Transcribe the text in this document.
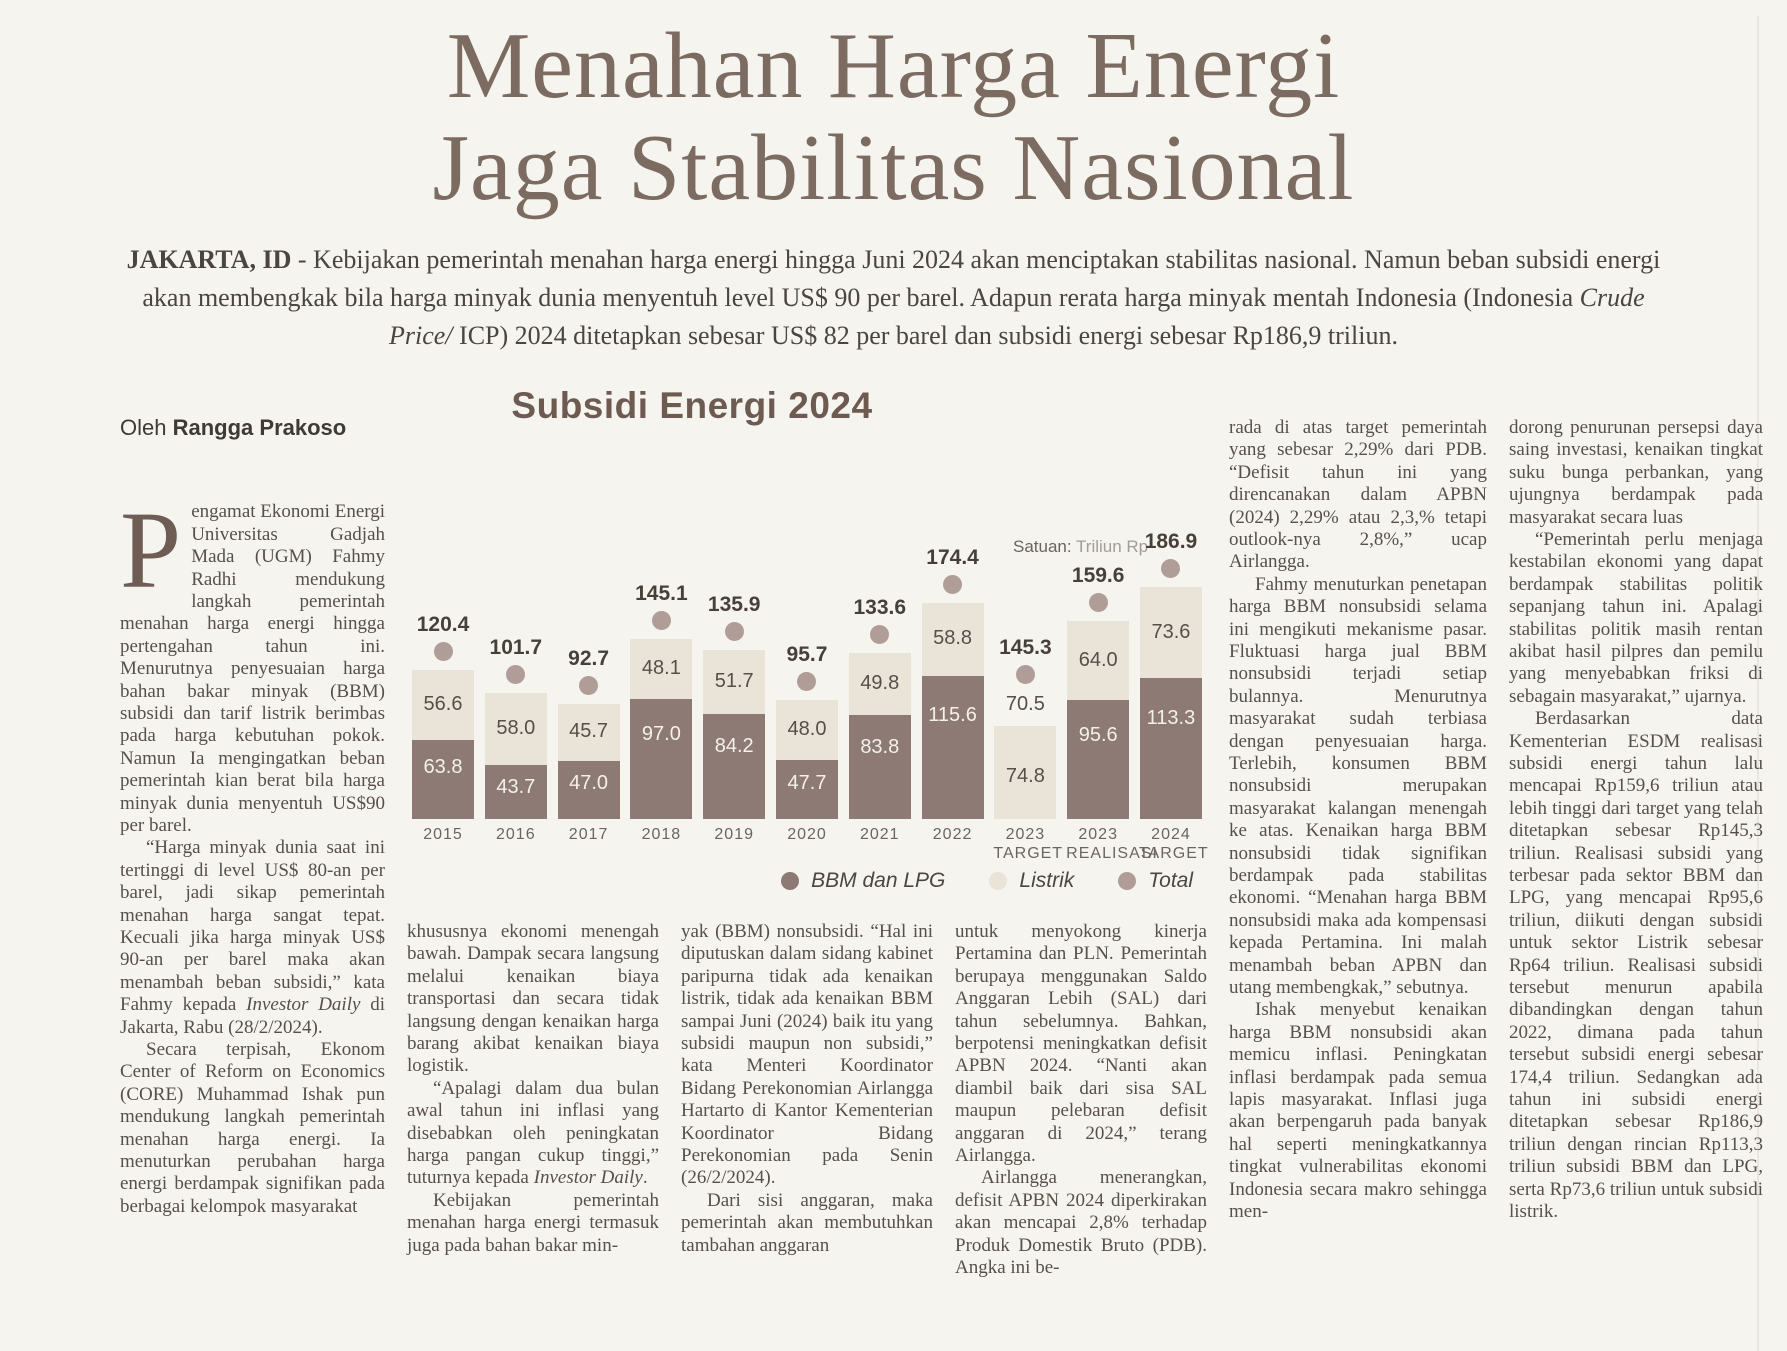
Menahan Harga Energi
Jaga Stabilitas Nasional

JAKARTA, ID - Kebijakan pemerintah menahan harga energi hingga Juni 2024 akan menciptakan stabilitas nasional. Namun beban subsidi energi akan membengkak bila harga minyak dunia menyentuh level US$ 90 per barel. Adapun rerata harga minyak mentah Indonesia (Indonesia Crude Price/ ICP) 2024 ditetapkan sebesar US$ 82 per barel dan subsidi energi sebesar Rp186,9 triliun.

Oleh Rangga Prakoso

Pengamat Ekonomi Energi Universitas Gadjah Mada (UGM) Fahmy Radhi mendukung langkah pemerintah menahan harga energi hingga pertengahan tahun ini. Menurutnya penyesuaian harga bahan bakar minyak (BBM) subsidi dan tarif listrik berimbas pada harga kebutuhan pokok. Namun Ia mengingatkan beban pemerintah kian berat bila harga minyak dunia menyentuh US$90 per barel.

“Harga minyak dunia saat ini tertinggi di level US$ 80-an per barel, jadi sikap pemerintah menahan harga sangat tepat. Kecuali jika harga minyak US$ 90-an per barel maka akan menambah beban subsidi,” kata Fahmy kepada Investor Daily di Jakarta, Rabu (28/2/2024).

Secara terpisah, Ekonom Center of Reform on Economics (CORE) Muhammad Ishak pun mendukung langkah pemerintah menahan harga energi. Ia menuturkan perubahan harga energi berdampak signifikan pada berbagai kelompok masyarakat

Subsidi Energi 2024
Satuan: Triliun Rp
120.4
56.6
63.8
101.7
58.0
43.7
92.7
45.7
47.0
145.1
48.1
97.0
135.9
51.7
84.2
95.7
48.0
47.7
133.6
49.8
83.8
174.4
58.8
115.6
145.3
70.5
74.8
159.6
64.0
95.6
186.9
73.6
113.3
2015	2016	2017	2018	2019	2020	2021	2022	2023
TARGET
2023
REALISASI
2024
TARGET
BBM dan LPG	Listrik	Total

khususnya ekonomi menengah bawah. Dampak secara langsung melalui kenaikan biaya transportasi dan secara tidak langsung dengan kenaikan harga barang akibat kenaikan biaya logistik.

“Apalagi dalam dua bulan awal tahun ini inflasi yang disebabkan oleh peningkatan harga pangan cukup tinggi,” tuturnya kepada Investor Daily.

Kebijakan pemerintah menahan harga energi termasuk juga pada bahan bakar min-

yak (BBM) nonsubsidi. “Hal ini diputuskan dalam sidang kabinet paripurna tidak ada kenaikan listrik, tidak ada kenaikan BBM sampai Juni (2024) baik itu yang subsidi maupun non subsidi,” kata Menteri Koordinator Bidang Perekonomian Airlangga Hartarto di Kantor Kementerian Koordinator Bidang Perekonomian pada Senin (26/2/2024).

Dari sisi anggaran, maka pemerintah akan membutuhkan tambahan anggaran

untuk menyokong kinerja Pertamina dan PLN. Pemerintah berupaya menggunakan Saldo Anggaran Lebih (SAL) dari tahun sebelumnya. Bahkan, berpotensi meningkatkan defisit APBN 2024. “Nanti akan diambil baik dari sisa SAL maupun pelebaran defisit anggaran di 2024,” terang Airlangga.

Airlangga menerangkan, defisit APBN 2024 diperkirakan akan mencapai 2,8% terhadap Produk Domestik Bruto (PDB). Angka ini be-

rada di atas target pemerintah yang sebesar 2,29% dari PDB. “Defisit tahun ini yang direncanakan dalam APBN (2024) 2,29% atau 2,3,% tetapi outlook-nya 2,8%,” ucap Airlangga.

Fahmy menuturkan penetapan harga BBM nonsubsidi selama ini mengikuti mekanisme pasar. Fluktuasi harga jual BBM nonsubsidi terjadi setiap bulannya. Menurutnya masyarakat sudah terbiasa dengan penyesuaian harga. Terlebih, konsumen BBM nonsubsidi merupakan masyarakat kalangan menengah ke atas. Kenaikan harga BBM nonsubsidi tidak signifikan berdampak pada stabilitas ekonomi. “Menahan harga BBM nonsubsidi maka ada kompensasi kepada Pertamina. Ini malah menambah beban APBN dan utang membengkak,” sebutnya.

Ishak menyebut kenaikan harga BBM nonsubsidi akan memicu inflasi. Peningkatan inflasi berdampak pada semua lapis masyarakat. Inflasi juga akan berpengaruh pada banyak hal seperti meningkatkannya tingkat vulnerabilitas ekonomi Indonesia secara makro sehingga men-

dorong penurunan persepsi daya saing investasi, kenaikan tingkat suku bunga perbankan, yang ujungnya berdampak pada masyarakat secara luas

“Pemerintah perlu menjaga kestabilan ekonomi yang dapat berdampak stabilitas politik sepanjang tahun ini. Apalagi stabilitas politik masih rentan akibat hasil pilpres dan pemilu yang menyebabkan friksi di sebagain masyarakat,” ujarnya.

Berdasarkan data Kementerian ESDM realisasi subsidi energi tahun lalu mencapai Rp159,6 triliun atau lebih tinggi dari target yang telah ditetapkan sebesar Rp145,3 triliun. Realisasi subsidi yang terbesar pada sektor BBM dan LPG, yang mencapai Rp95,6 triliun, diikuti dengan subsidi untuk sektor Listrik sebesar Rp64 triliun. Realisasi subsidi tersebut menurun apabila dibandingkan dengan tahun 2022, dimana pada tahun tersebut subsidi energi sebesar 174,4 triliun. Sedangkan ada tahun ini subsidi energi ditetapkan sebesar Rp186,9 triliun dengan rincian Rp113,3 triliun subsidi BBM dan LPG, serta Rp73,6 triliun untuk subsidi listrik.
